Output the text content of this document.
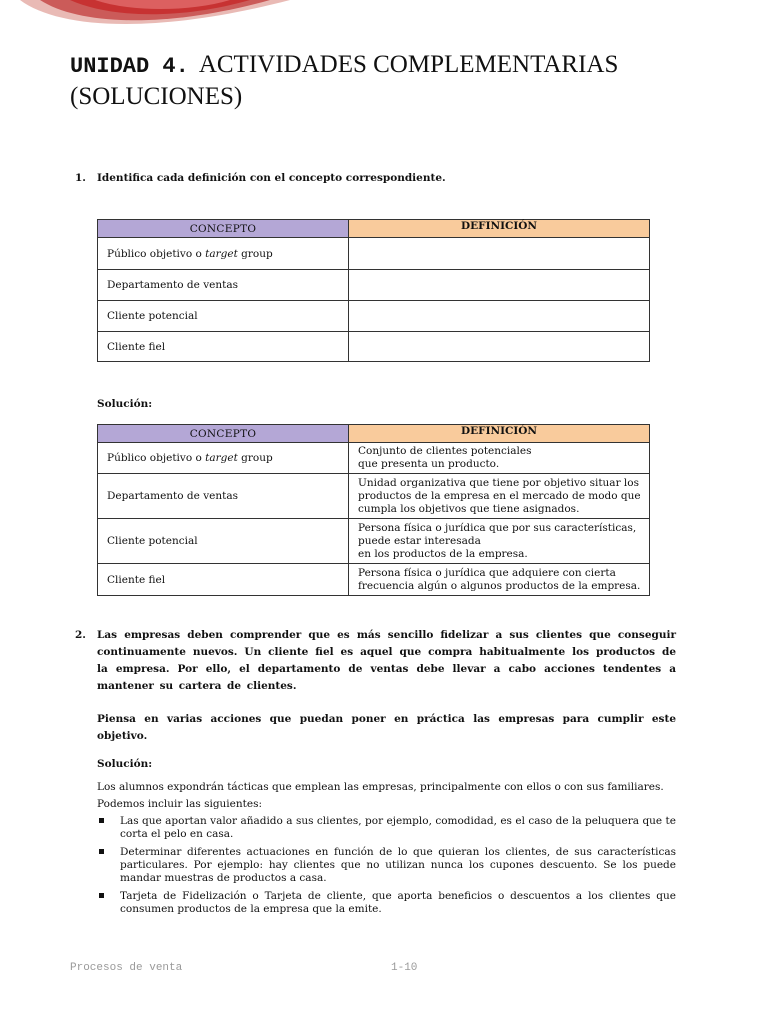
UNIDAD 4. ACTIVIDADES COMPLEMENTARIAS
(SOLUCIONES)
1. Identifica cada definición con el concepto correspondiente.
CONCEPTO	DEFINICIÓN
Público objetivo o target group	
Departamento de ventas	
Cliente potencial	
Cliente fiel	
Solución:
CONCEPTO	DEFINICIÓN
Público objetivo o target group	Conjunto de clientes potenciales
que presenta un producto.

Departamento de ventas	Unidad organizativa que tiene por objetivo situar los
productos de la empresa en el mercado de modo que
cumpla los objetivos que tiene asignados.

Cliente potencial	Persona física o jurídica que por sus características,
puede estar interesada
en los productos de la empresa.

Cliente fiel	Persona física o jurídica que adquiere con cierta
frecuencia algún o algunos productos de la empresa.
2. Las empresas deben comprender que es más sencillo fidelizar a sus clientes que conseguir continuamente nuevos. Un cliente fiel es aquel que compra habitualmente los productos de la empresa. Por ello, el departamento de ventas debe llevar a cabo acciones tendentes a mantener su cartera de clientes.
Piensa en varias acciones que puedan poner en práctica las empresas para cumplir este objetivo.
Solución:
Los alumnos expondrán tácticas que emplean las empresas, principalmente con ellos o con sus familiares.
Podemos incluir las siguientes:
Las que aportan valor añadido a sus clientes, por ejemplo, comodidad, es el caso de la peluquera que te corta el pelo en casa.
Determinar diferentes actuaciones en función de lo que quieran los clientes, de sus características particulares. Por ejemplo: hay clientes que no utilizan nunca los cupones descuento. Se los puede mandar muestras de productos a casa.
Tarjeta de Fidelización o Tarjeta de cliente, que aporta beneficios o descuentos a los clientes que consumen productos de la empresa que la emite.
Procesos de venta	1-10
